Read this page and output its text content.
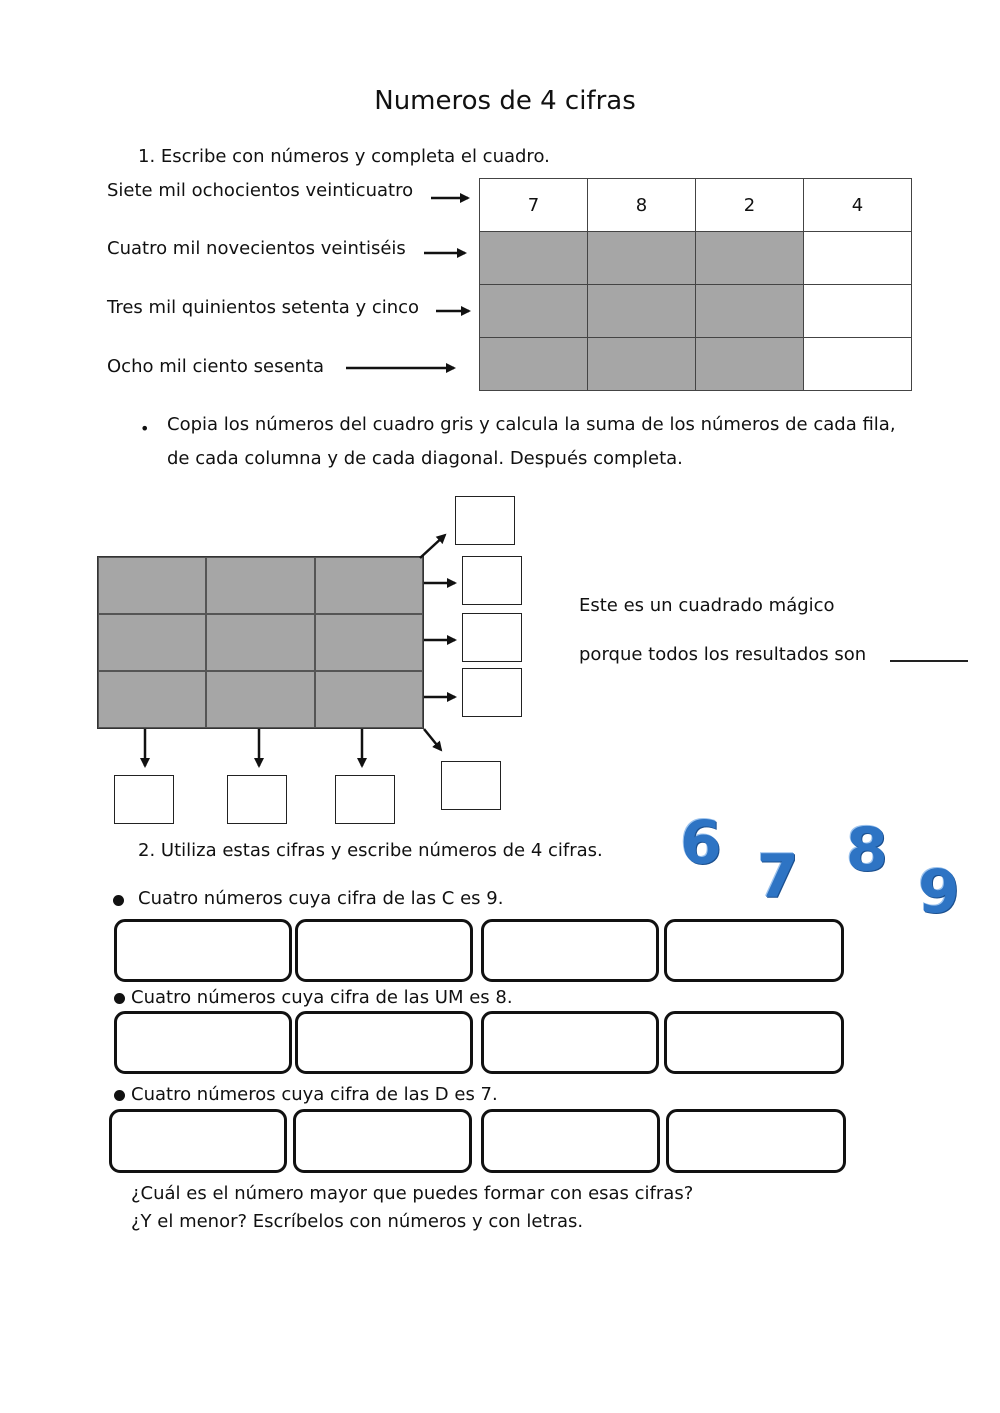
Numeros de 4 cifras
1. Escribe con números y completa el cuadro.
Siete mil ochocientos veinticuatro
Cuatro mil novecientos veintiséis
Tres mil quinientos setenta y cinco
Ocho mil ciento sesenta
7	8	2	4

• Copia los números del cuadro gris y calcula la suma de los números de cada fila,
de cada columna y de cada diagonal. Después completa.
Este es un cuadrado mágico
porque todos los resultados son
2. Utiliza estas cifras y escribe números de 4 cifras. 6 7 8
9
Cuatro números cuya cifra de las C es 9.
Cuatro números cuya cifra de las UM es 8.
Cuatro números cuya cifra de las D es 7.
¿Cuál es el número mayor que puedes formar con esas cifras?
¿Y el menor? Escríbelos con números y con letras.
